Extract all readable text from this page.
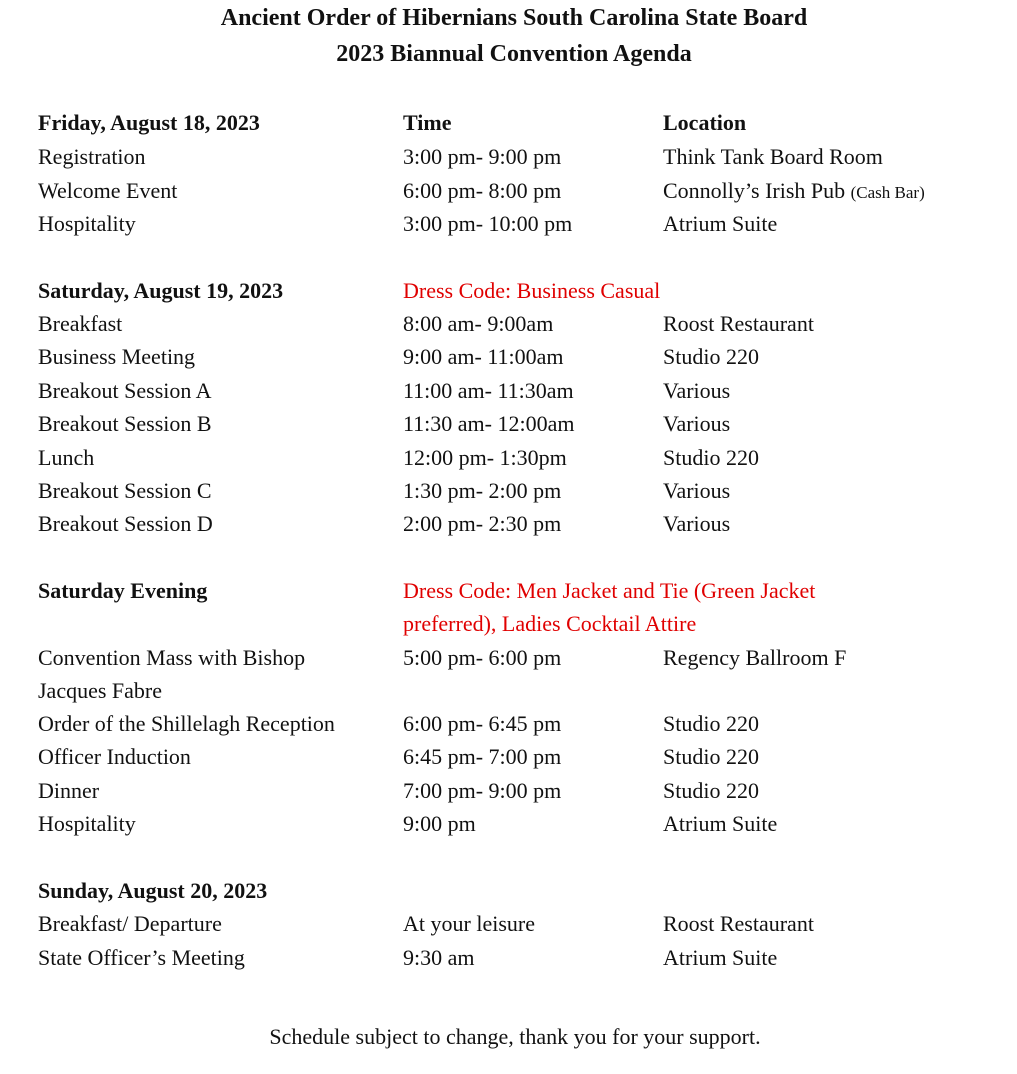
Ancient Order of Hibernians South Carolina State Board
2023 Biannual Convention Agenda
Friday, August 18, 2023	Time	Location
Registration	3:00 pm- 9:00 pm	Think Tank Board Room
Welcome Event	6:00 pm- 8:00 pm	Connolly’s Irish Pub (Cash Bar)
Hospitality	3:00 pm- 10:00 pm	Atrium Suite
Saturday, August 19, 2023	Dress Code: Business Casual
Breakfast	8:00 am- 9:00am	Roost Restaurant
Business Meeting	9:00 am- 11:00am	Studio 220
Breakout Session A	11:00 am- 11:30am	Various
Breakout Session B	11:30 am- 12:00am	Various
Lunch	12:00 pm- 1:30pm	Studio 220
Breakout Session C	1:30 pm- 2:00 pm	Various
Breakout Session D	2:00 pm- 2:30 pm	Various
Saturday Evening	Dress Code: Men Jacket and Tie (Green Jacket
preferred), Ladies Cocktail Attire
Convention Mass with Bishop	5:00 pm- 6:00 pm	Regency Ballroom F
Jacques Fabre
Order of the Shillelagh Reception	6:00 pm- 6:45 pm	Studio 220
Officer Induction	6:45 pm- 7:00 pm	Studio 220
Dinner	7:00 pm- 9:00 pm	Studio 220
Hospitality	9:00 pm	Atrium Suite
Sunday, August 20, 2023
Breakfast/ Departure	At your leisure	Roost Restaurant
State Officer’s Meeting	9:30 am	Atrium Suite
Schedule subject to change, thank you for your support.
